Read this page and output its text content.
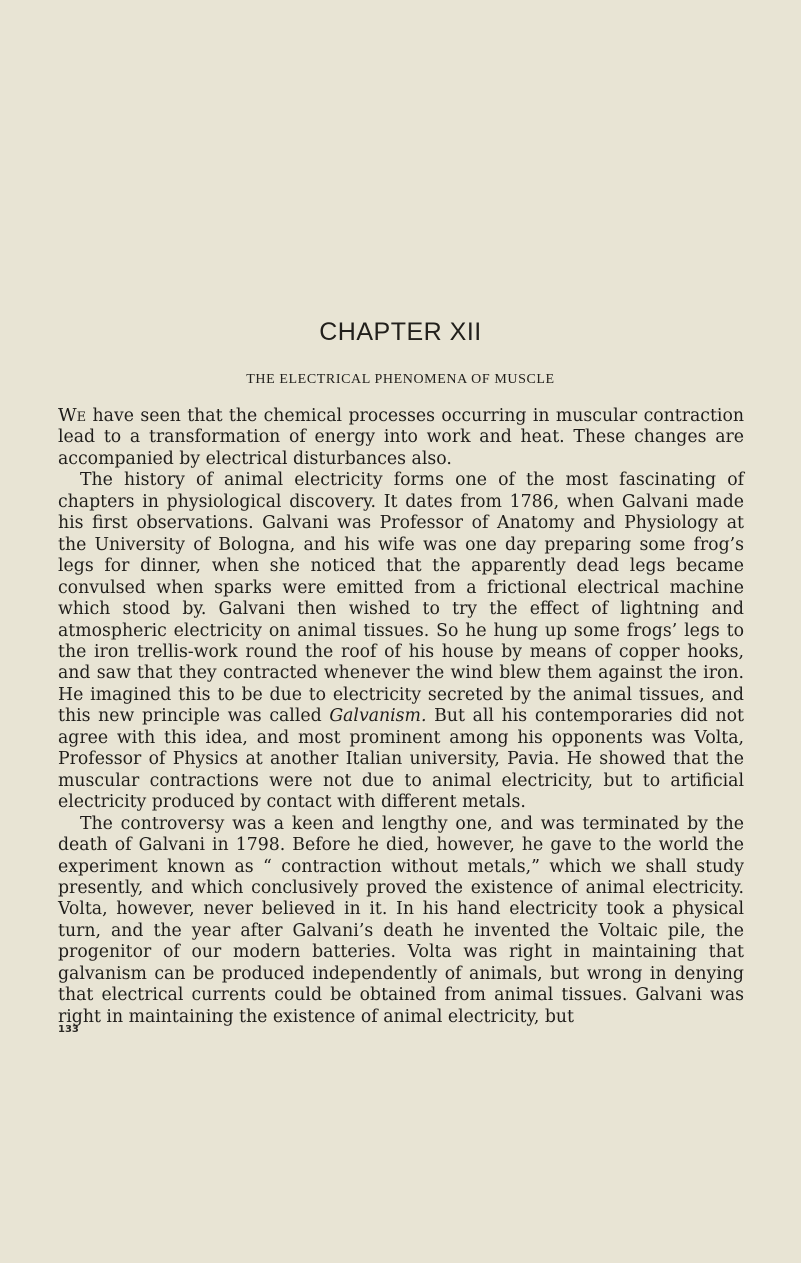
CHAPTER XII
THE ELECTRICAL PHENOMENA OF MUSCLE

We have seen that the chemical processes occurring in muscular contraction lead to a transformation of energy into work and heat. These changes are accompanied by electrical disturbances also.

The history of animal electricity forms one of the most fascinating of chapters in physiological discovery. It dates from 1786, when Galvani made his first observations. Galvani was Professor of Anatomy and Physiology at the University of Bologna, and his wife was one day preparing some frog’s legs for dinner, when she noticed that the apparently dead legs became convulsed when sparks were emitted from a frictional electrical machine which stood by. Galvani then wished to try the effect of lightning and atmospheric electricity on animal tissues. So he hung up some frogs’ legs to the iron trellis-work round the roof of his house by means of copper hooks, and saw that they contracted whenever the wind blew them against the iron. He imagined this to be due to electricity secreted by the animal tissues, and this new principle was called Galvanism. But all his contemporaries did not agree with this idea, and most prominent among his opponents was Volta, Professor of Physics at another Italian university, Pavia. He showed that the muscular contractions were not due to animal electricity, but to artificial electricity produced by contact with different metals.

The controversy was a keen and lengthy one, and was terminated by the death of Galvani in 1798. Before he died, however, he gave to the world the experiment known as “ contraction without metals,” which we shall study presently, and which conclusively proved the existence of animal electricity. Volta, however, never believed in it. In his hand electricity took a physical turn, and the year after Galvani’s death he invented the Voltaic pile, the progenitor of our modern batteries. Volta was right in maintaining that galvanism can be produced independently of animals, but wrong in denying that electrical currents could be obtained from animal tissues. Galvani was right in maintaining the existence of animal electricity, but

133
